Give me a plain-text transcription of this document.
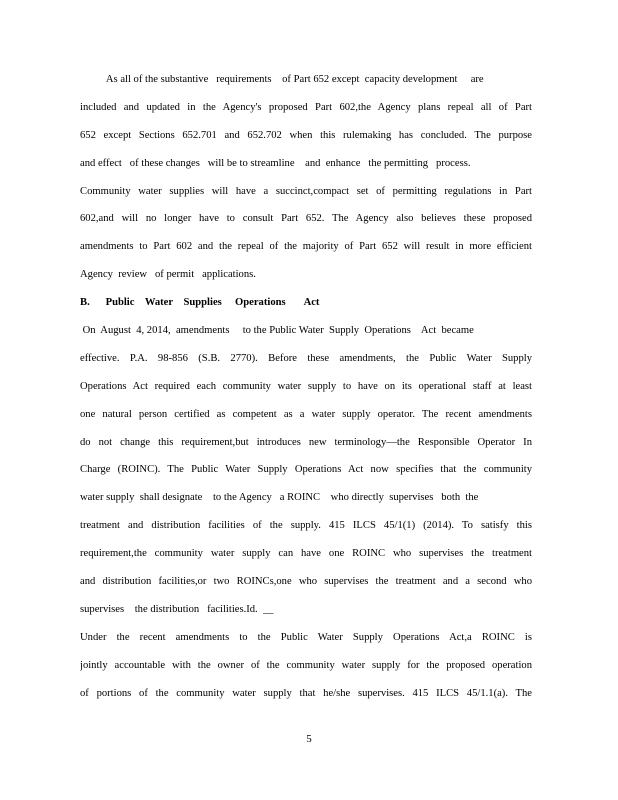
As all of the substantive   requirements    of Part 652 except  capacity development     are
included and updated in the Agency's proposed Part 602,the Agency plans repeal all of Part
652 except Sections 652.701 and 652.702 when this rulemaking has concluded. The purpose
and effect   of these changes   will be to streamline    and  enhance   the permitting   process.
Community water supplies will have a succinct,compact set of permitting regulations in Part
602,and will no longer have to consult Part 652. The Agency also believes these proposed
amendments to Part 602 and the repeal of the majority of Part 652 will result in more efficient
Agency  review   of permit   applications.
B.      Public    Water    Supplies     Operations       Act
On  August  4, 2014,  amendments     to the Public Water  Supply  Operations    Act  became
effective. P.A. 98-856 (S.B. 2770). Before these amendments, the Public Water Supply
Operations Act required each community water supply to have on its operational staff at least
one natural person certified as competent as a water supply operator. The recent amendments
do not change this requirement,but introduces new terminology—the Responsible Operator In
Charge (ROINC). The Public Water Supply Operations Act now specifies that the community
water supply  shall designate    to the Agency   a ROINC    who directly  supervises   both  the
treatment and distribution facilities of the supply. 415 ILCS 45/1(1) (2014). To satisfy this
requirement,the community water supply can have one ROINC who supervises the treatment
and distribution facilities,or two ROINCs,one who supervises the treatment and a second who
supervises    the distribution   facilities.Id.  __
Under the recent amendments to the Public Water Supply Operations Act,a ROINC is
jointly accountable with the owner of the community water supply for the proposed operation
of portions of the community water supply that he/she supervises. 415 ILCS 45/1.1(a). The
5
